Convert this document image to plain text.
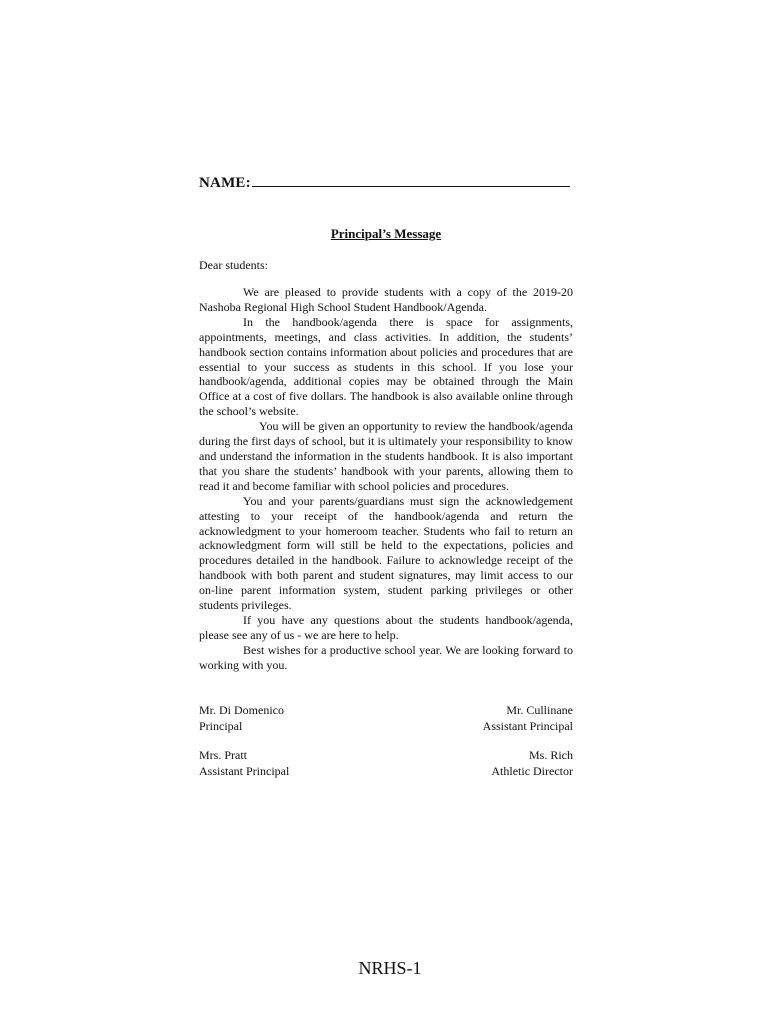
NAME:
Principal’s Message
Dear students:

We are pleased to provide students with a copy of the 2019-20 Nashoba Regional High School Student Handbook/Agenda.

In the handbook/agenda there is space for assignments, appointments, meetings, and class activities. In addition, the students’ handbook section contains information about policies and procedures that are essential to your success as students in this school. If you lose your handbook/agenda, additional copies may be obtained through the Main Office at a cost of five dollars. The handbook is also available online through the school’s website.

You will be given an opportunity to review the handbook/agenda during the first days of school, but it is ultimately your responsibility to know and understand the information in the students handbook. It is also important that you share the students’ handbook with your parents, allowing them to read it and become familiar with school policies and procedures.

You and your parents/guardians must sign the acknowledgement attesting to your receipt of the handbook/agenda and return the acknowledgment to your homeroom teacher. Students who fail to return an acknowledgment form will still be held to the expectations, policies and procedures detailed in the handbook. Failure to acknowledge receipt of the handbook with both parent and student signatures, may limit access to our on-line parent information system, student parking privileges or other students privileges.

If you have any questions about the students handbook/agenda, please see any of us - we are here to help.

Best wishes for a productive school year. We are looking forward to working with you.

Mr. Di Domenico
Principal
Mr. Cullinane
Assistant Principal
Mrs. Pratt
Assistant Principal
Ms. Rich
Athletic Director
NRHS-1
